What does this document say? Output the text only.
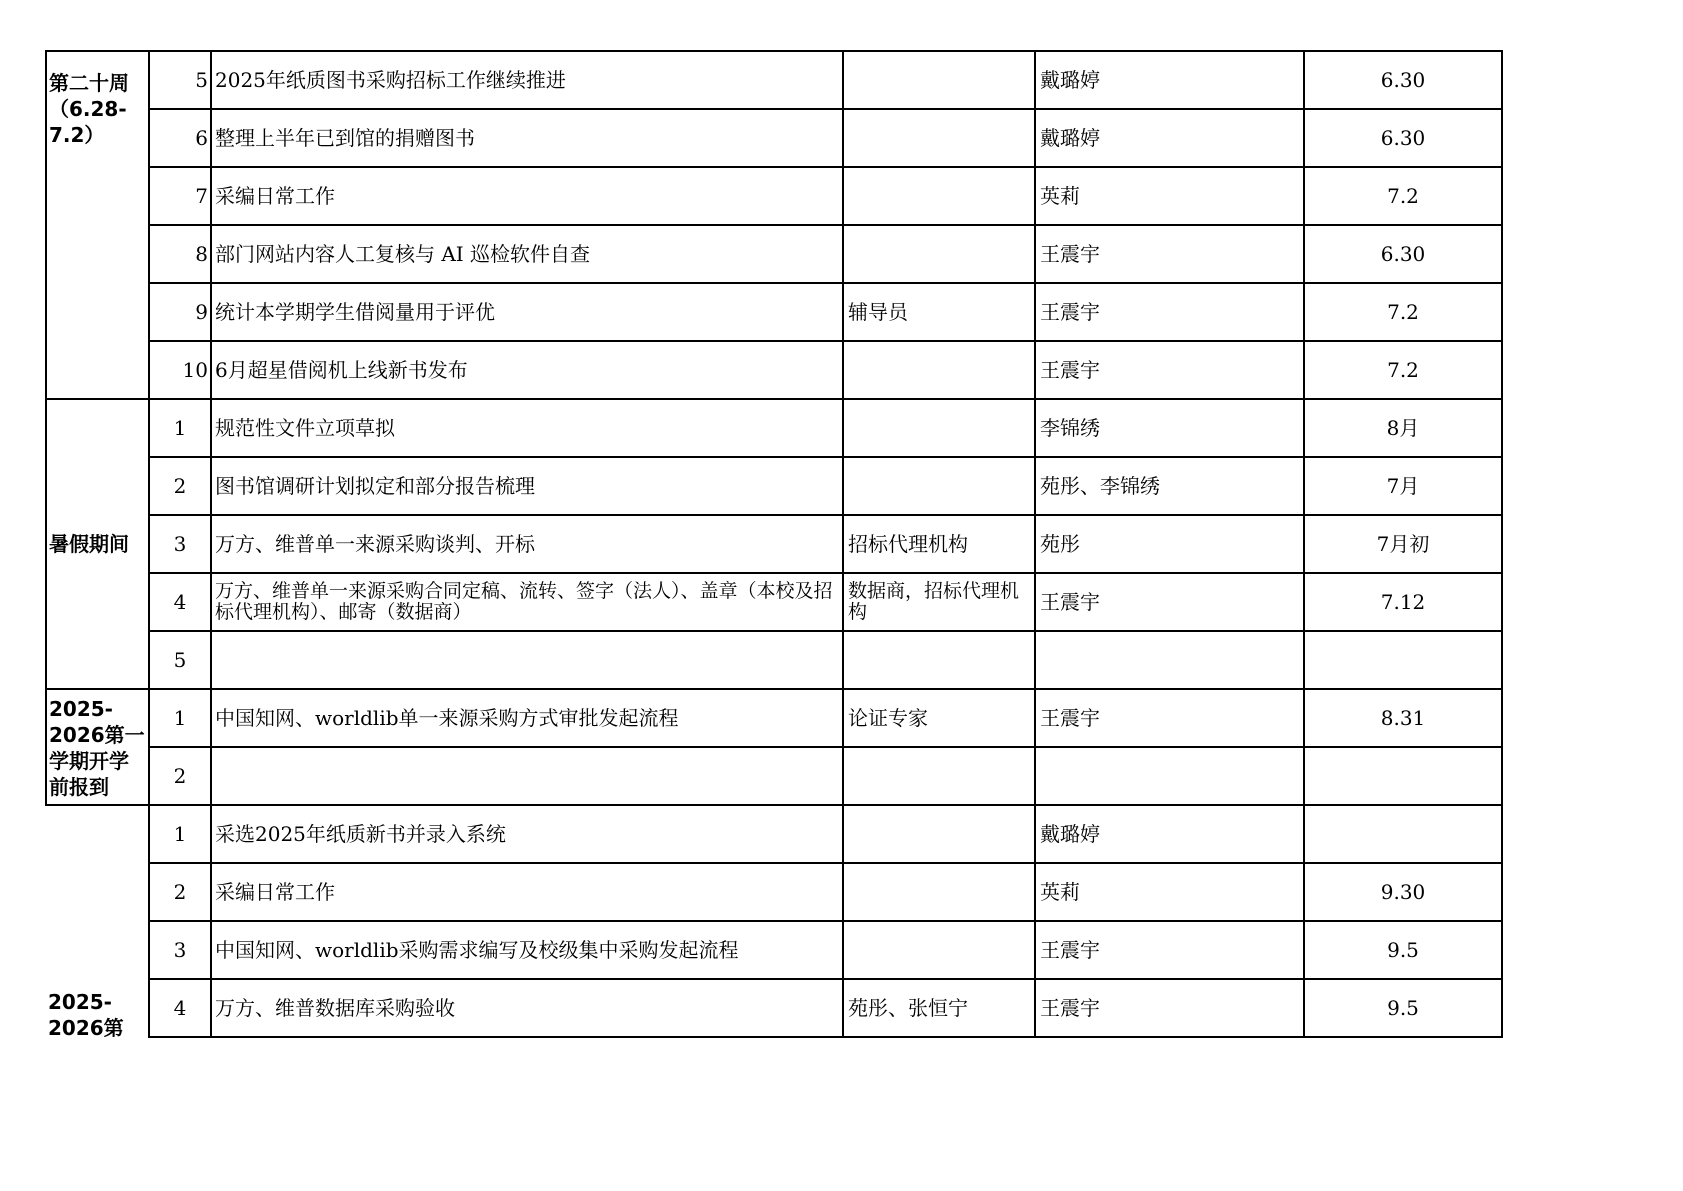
第二十周（6.28-7.2）	5	2025年纸质图书采购招标工作继续推进		戴璐婷	6.30
	6	整理上半年已到馆的捐赠图书		戴璐婷	6.30
	7	采编日常工作		英莉	7.2
	8	部门网站内容人工复核与 AI 巡检软件自查		王震宇	6.30
	9	统计本学期学生借阅量用于评优	辅导员	王震宇	7.2
	10	6月超星借阅机上线新书发布		王震宇	7.2
暑假期间	1	规范性文件立项草拟		李锦绣	8月
	2	图书馆调研计划拟定和部分报告梳理		苑彤、李锦绣	7月
	3	万方、维普单一来源采购谈判、开标	招标代理机构	苑彤	7月初
	4	万方、维普单一来源采购合同定稿、流转、签字（法人）、盖章（本校及招标代理机构）、邮寄（数据商）	数据商，招标代理机构	王震宇	7.12
	5				
2025-2026第一学期开学前报到	1	中国知网、worldlib单一来源采购方式审批发起流程	论证专家	王震宇	8.31
	2				

2025-2026第	1	采选2025年纸质新书并录入系统		戴璐婷	
	2	采编日常工作		英莉	9.30
	3	中国知网、worldlib采购需求编写及校级集中采购发起流程		王震宇	9.5
	4	万方、维普数据库采购验收	苑彤、张恒宁	王震宇	9.5
